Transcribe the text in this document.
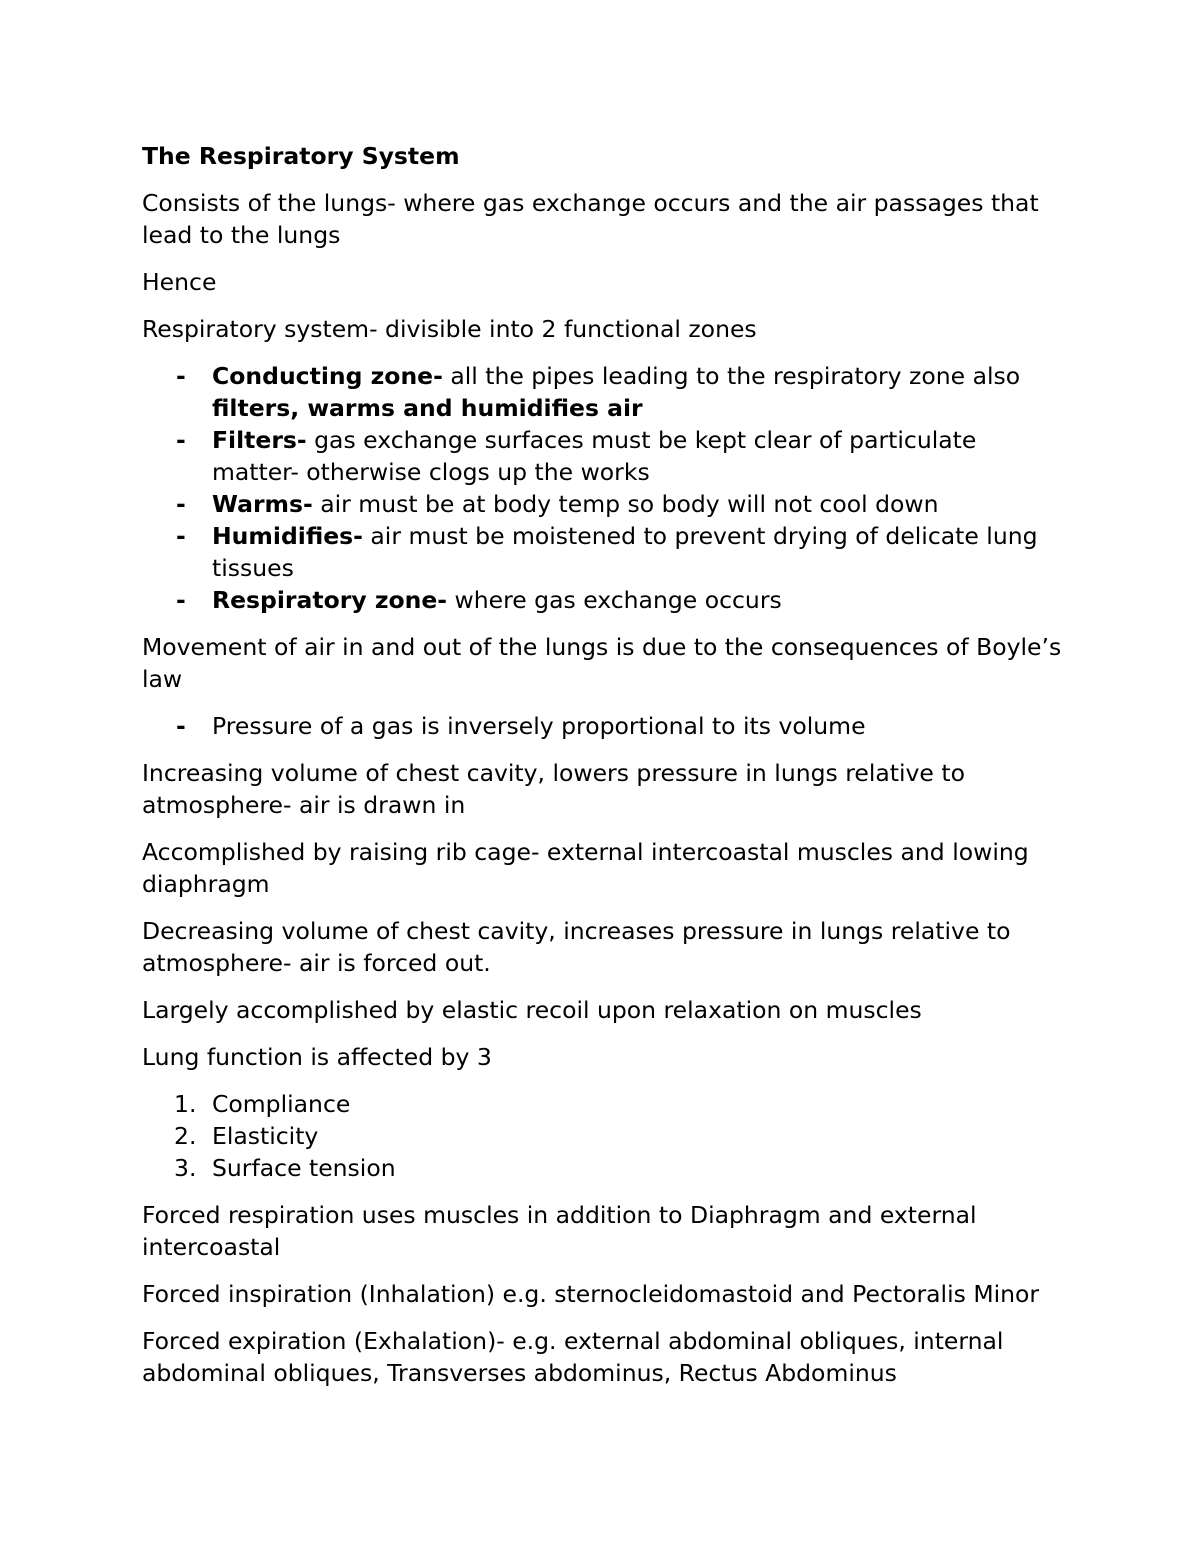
The Respiratory System

Consists of the lungs- where gas exchange occurs and the air passages that lead to the lungs

Hence

Respiratory system- divisible into 2 functional zones

- Conducting zone- all the pipes leading to the respiratory zone also filters, warms and humidifies air
- Filters- gas exchange surfaces must be kept clear of particulate matter- otherwise clogs up the works
- Warms- air must be at body temp so body will not cool down
- Humidifies- air must be moistened to prevent drying of delicate lung tissues
- Respiratory zone- where gas exchange occurs

Movement of air in and out of the lungs is due to the consequences of Boyle’s law

- Pressure of a gas is inversely proportional to its volume

Increasing volume of chest cavity, lowers pressure in lungs relative to atmosphere- air is drawn in

Accomplished by raising rib cage- external intercoastal muscles and lowing diaphragm

Decreasing volume of chest cavity, increases pressure in lungs relative to atmosphere- air is forced out.

Largely accomplished by elastic recoil upon relaxation on muscles

Lung function is affected by 3

1. Compliance
2. Elasticity
3. Surface tension

Forced respiration uses muscles in addition to Diaphragm and external intercoastal

Forced inspiration (Inhalation) e.g. sternocleidomastoid and Pectoralis Minor

Forced expiration (Exhalation)- e.g. external abdominal obliques, internal abdominal obliques, Transverses abdominus, Rectus Abdominus
